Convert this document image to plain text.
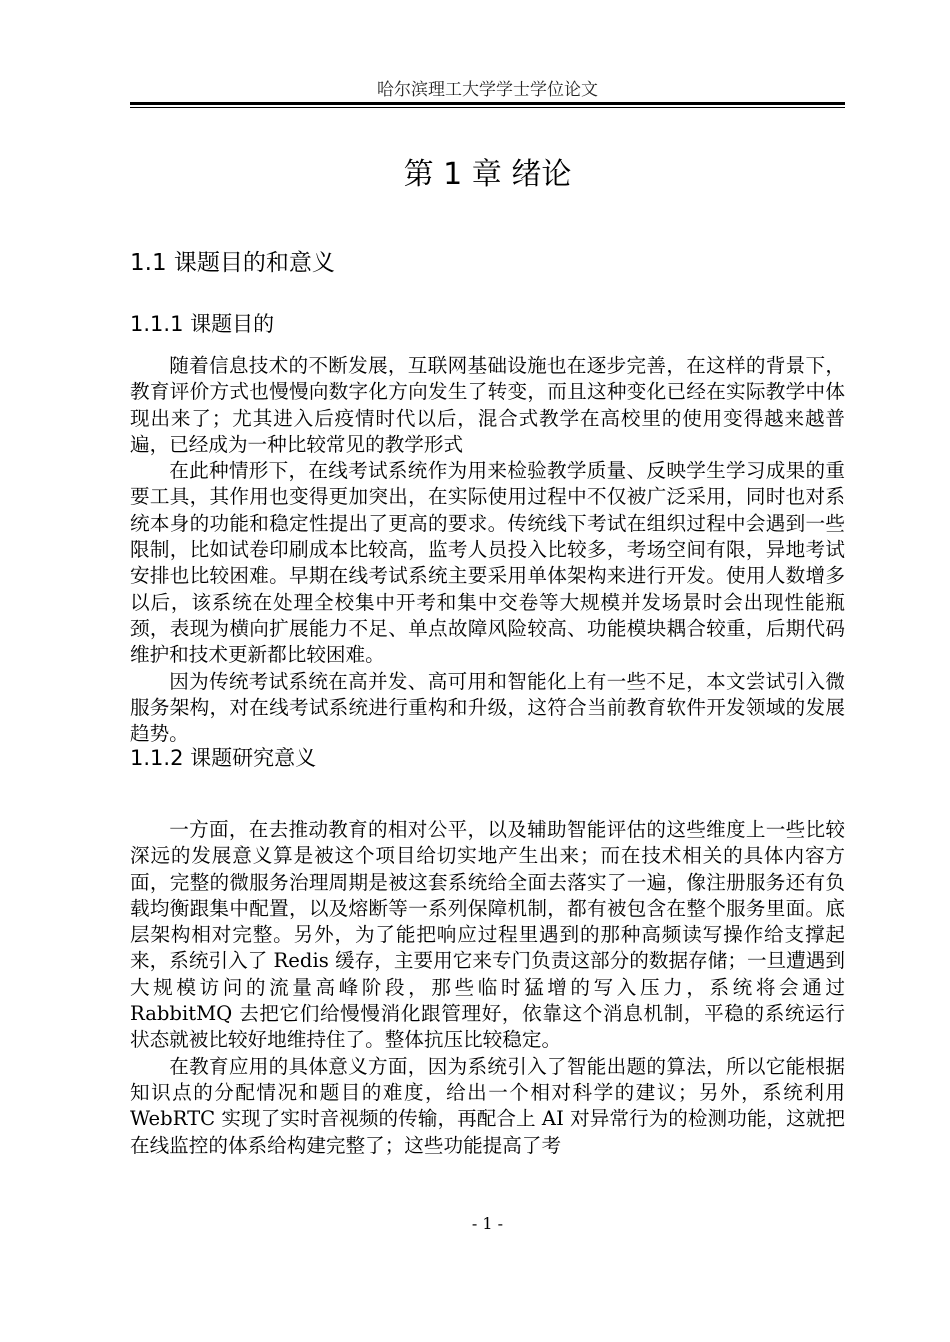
哈尔滨理工大学学士学位论文
第 1 章 绪论
1.1 课题目的和意义
1.1.1 课题目的

随着信息技术的不断发展，互联网基础设施也在逐步完善，在这样的背景下，教育评价方式也慢慢向数字化方向发生了转变，而且这种变化已经在实际教学中体现出来了；尤其进入后疫情时代以后，混合式教学在高校里的使用变得越来越普遍，已经成为一种比较常见的教学形式

在此种情形下，在线考试系统作为用来检验教学质量、反映学生学习成果的重要工具，其作用也变得更加突出，在实际使用过程中不仅被广泛采用，同时也对系统本身的功能和稳定性提出了更高的要求。传统线下考试在组织过程中会遇到一些限制，比如试卷印刷成本比较高，监考人员投入比较多，考场空间有限，异地考试安排也比较困难。早期在线考试系统主要采用单体架构来进行开发。使用人数增多以后，该系统在处理全校集中开考和集中交卷等大规模并发场景时会出现性能瓶颈，表现为横向扩展能力不足、单点故障风险较高、功能模块耦合较重，后期代码维护和技术更新都比较困难。

因为传统考试系统在高并发、高可用和智能化上有一些不足，本文尝试引入微服务架构，对在线考试系统进行重构和升级，这符合当前教育软件开发领域的发展趋势。

1.1.2 课题研究意义

一方面，在去推动教育的相对公平，以及辅助智能评估的这些维度上一些比较深远的发展意义算是被这个项目给切实地产生出来；而在技术相关的具体内容方面，完整的微服务治理周期是被这套系统给全面去落实了一遍，像注册服务还有负载均衡跟集中配置，以及熔断等一系列保障机制，都有被包含在整个服务里面。底层架构相对完整。另外，为了能把响应过程里遇到的那种高频读写操作给支撑起来，系统引入了 Redis 缓存，主要用它来专门负责这部分的数据存储；一旦遭遇到大规模访问的流量高峰阶段，那些临时猛增的写入压力，系统将会通过 RabbitMQ 去把它们给慢慢消化跟管理好，依靠这个消息机制，平稳的系统运行状态就被比较好地维持住了。整体抗压比较稳定。

在教育应用的具体意义方面，因为系统引入了智能出题的算法，所以它能根据知识点的分配情况和题目的难度，给出一个相对科学的建议；另外，系统利用 WebRTC 实现了实时音视频的传输，再配合上 AI 对异常行为的检测功能，这就把在线监控的体系给构建完整了；这些功能提高了考

- 1 -
